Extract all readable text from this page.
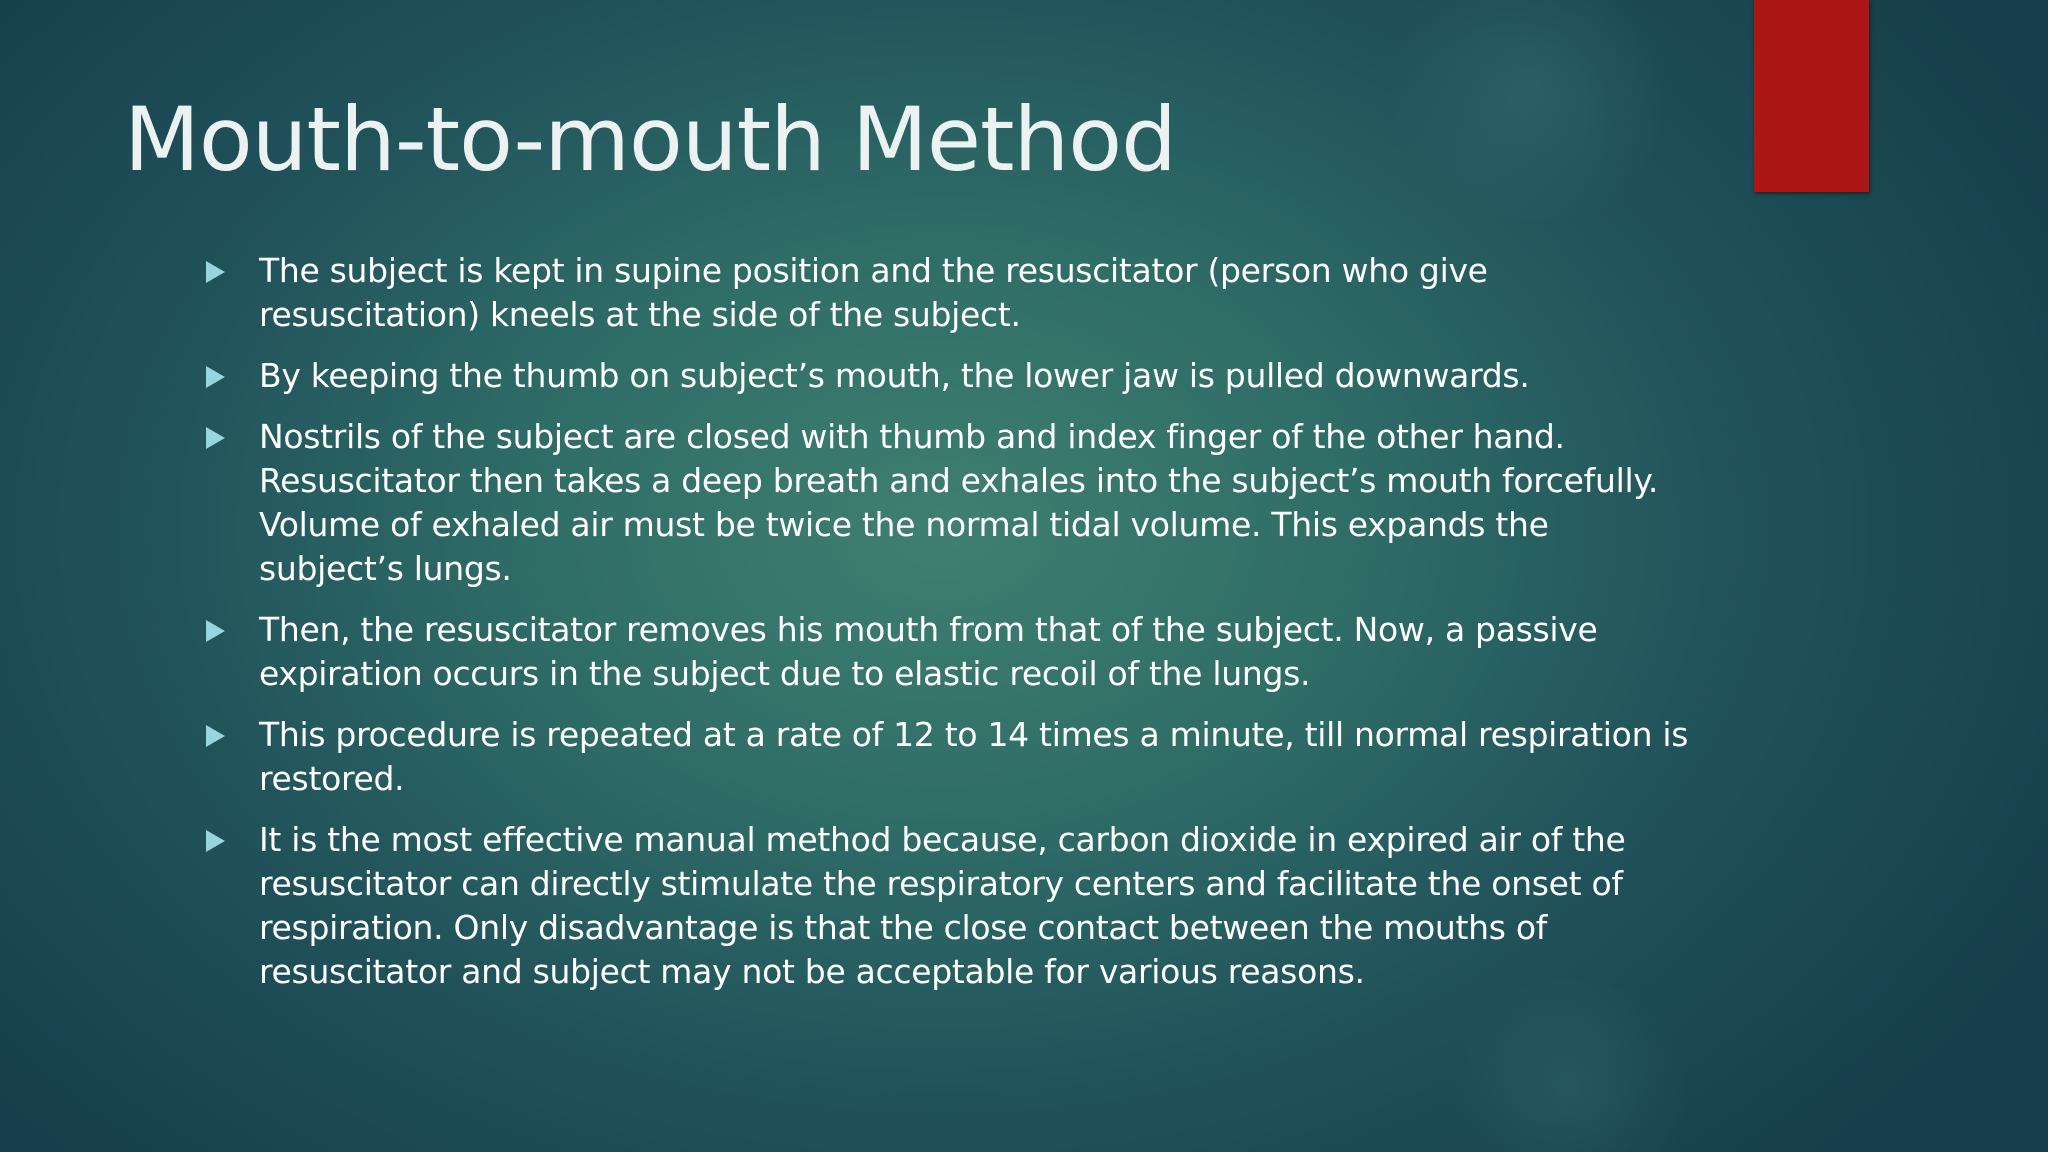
Mouth-to-mouth Method
The subject is kept in supine position and the resuscitator (person who give resuscitation) kneels at the side of the subject.
By keeping the thumb on subject’s mouth, the lower jaw is pulled downwards.
Nostrils of the subject are closed with thumb and index finger of the other hand. Resuscitator then takes a deep breath and exhales into the subject’s mouth forcefully. Volume of exhaled air must be twice the normal tidal volume. This expands the subject’s lungs.
Then, the resuscitator removes his mouth from that of the subject. Now, a passive expiration occurs in the subject due to elastic recoil of the lungs.
This procedure is repeated at a rate of 12 to 14 times a minute, till normal respiration is restored.
It is the most effective manual method because, carbon dioxide in expired air of the resuscitator can directly stimulate the respiratory centers and facilitate the onset of respiration. Only disadvantage is that the close contact between the mouths of resuscitator and subject may not be acceptable for various reasons.
